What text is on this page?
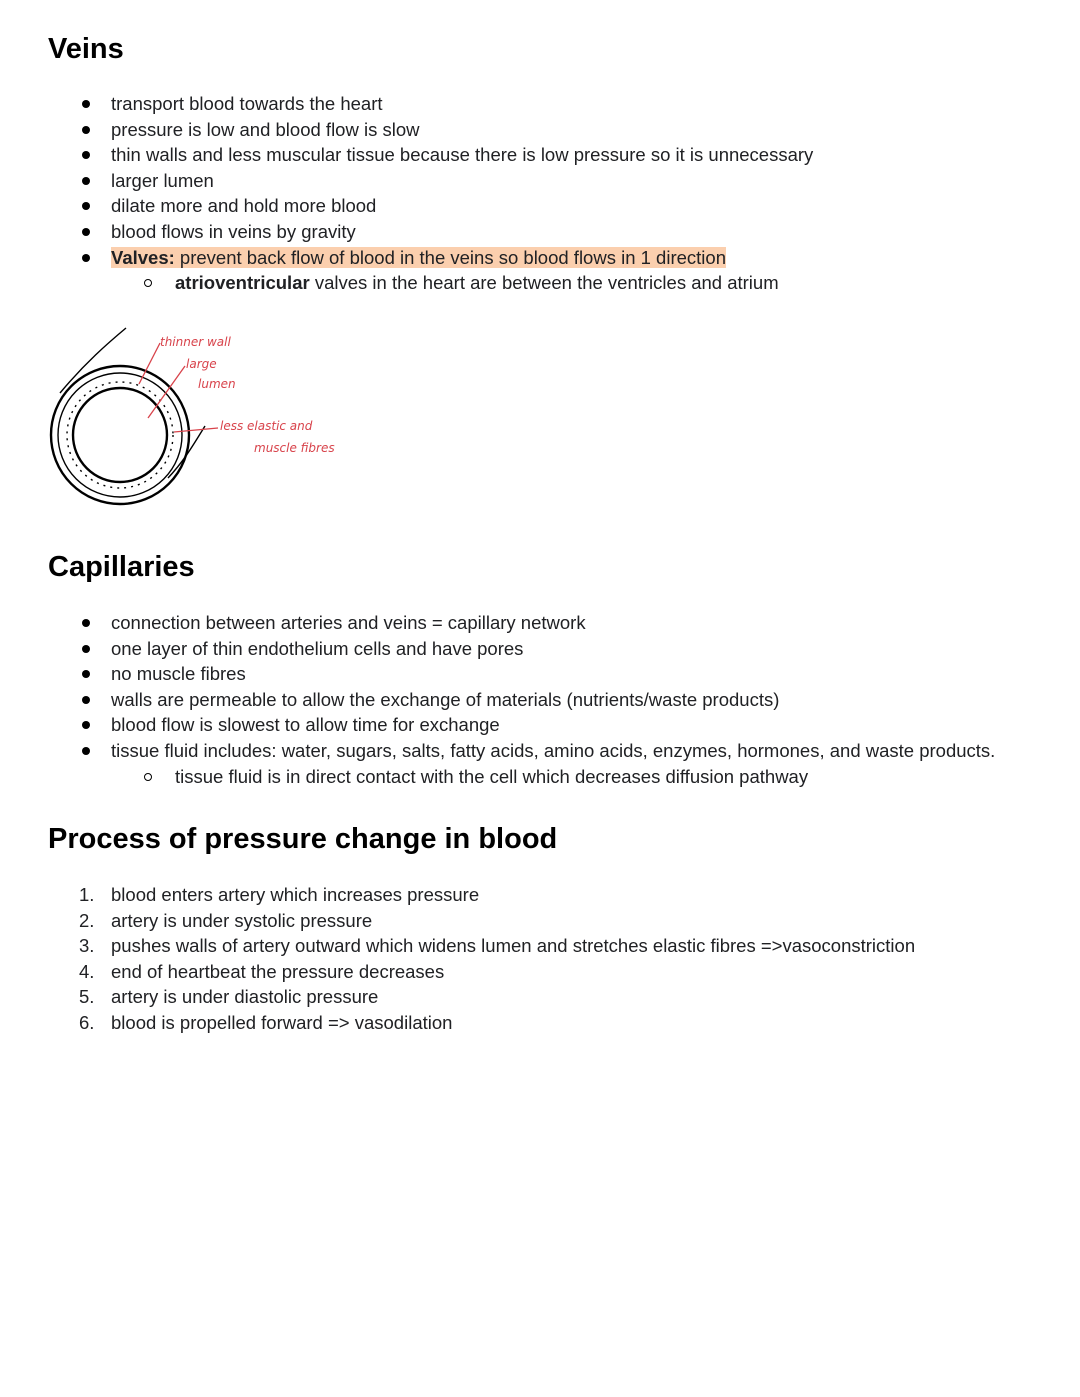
Veins
transport blood towards the heart
pressure is low and blood flow is slow
thin walls and less muscular tissue because there is low pressure so it is unnecessary
larger lumen
dilate more and hold more blood
blood flows in veins by gravity
Valves: prevent back flow of blood in the veins so blood flows in 1 direction
atrioventricular valves in the heart are between the ventricles and atrium
thinner wall
large
lumen
less elastic and
muscle fibres
Capillaries
connection between arteries and veins = capillary network
one layer of thin endothelium cells and have pores
no muscle fibres
walls are permeable to allow the exchange of materials (nutrients/waste products)
blood flow is slowest to allow time for exchange
tissue fluid includes: water, sugars, salts, fatty acids, amino acids, enzymes, hormones, and waste products.
tissue fluid is in direct contact with the cell which decreases diffusion pathway
Process of pressure change in blood
1. blood enters artery which increases pressure
2. artery is under systolic pressure
3. pushes walls of artery outward which widens lumen and stretches elastic fibres =>vasoconstriction
4. end of heartbeat the pressure decreases
5. artery is under diastolic pressure
6. blood is propelled forward => vasodilation
